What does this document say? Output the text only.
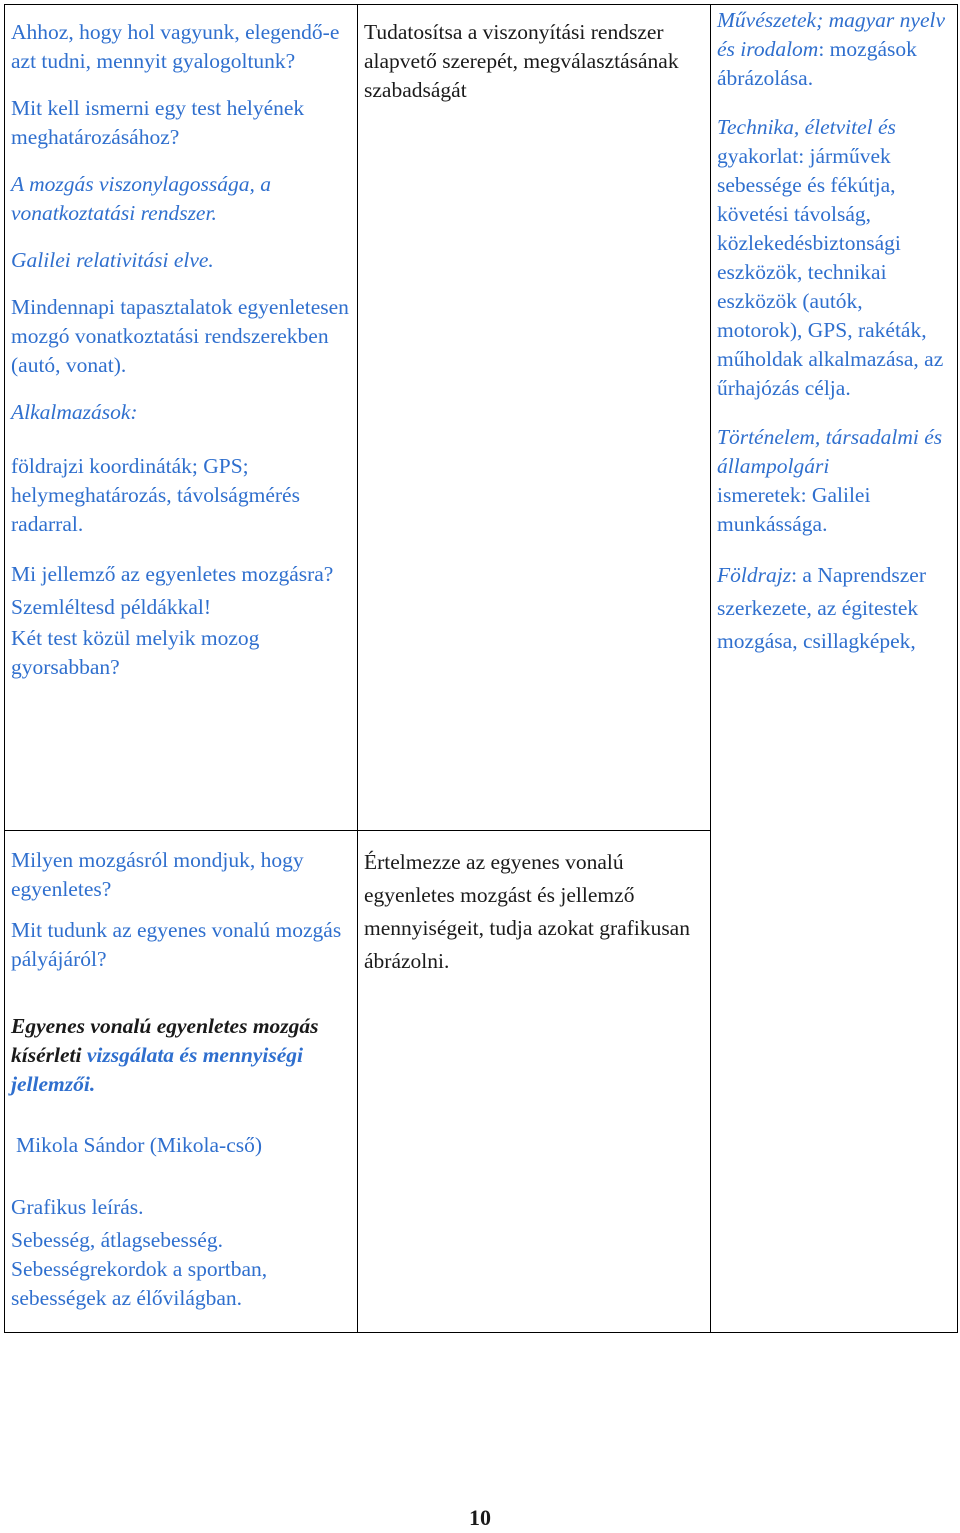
Ahhoz, hogy hol vagyunk, elegendő-e azt tudni, mennyit gyalogoltunk?

Mit kell ismerni egy test helyének meghatározásához?

A mozgás viszonylagossága, a vonatkoztatási rendszer.

Galilei relativitási elve.

Mindennapi tapasztalatok egyenletesen mozgó vonatkoztatási rendszerekben (autó, vonat).

Alkalmazások:

földrajzi koordináták; GPS; helymeghatározás, távolságmérés radarral.

Mi jellemző az egyenletes mozgásra? Szemléltesd példákkal!

Két test közül melyik mozog gyorsabban?

Milyen mozgásról mondjuk, hogy egyenletes?

Mit tudunk az egyenes vonalú mozgás pályájáról?

Egyenes vonalú egyenletes mozgás kísérleti vizsgálata és mennyiségi jellemzői.

Mikola Sándor (Mikola-cső)

Grafikus leírás.

Sebesség, átlagsebesség.

Sebességrekordok a sportban, sebességek az élővilágban.

Tudatosítsa a viszonyítási rendszer alapvető szerepét, megválasztásának szabadságát

Értelmezze az egyenes vonalú egyenletes mozgást és jellemző mennyiségeit, tudja azokat grafikusan ábrázolni.

Művészetek; magyar nyelv és irodalom: mozgások ábrázolása.

Technika, életvitel és

gyakorlat: járművek sebessége és fékútja, követési távolság, közlekedésbiztonsági eszközök, technikai eszközök (autók, motorok), GPS, rakéták, műholdak alkalmazása, az űrhajózás célja.

Történelem, társadalmi és állampolgári

ismeretek: Galilei munkássága.

Földrajz: a Naprendszer szerkezete, az égitestek mozgása, csillagképek,

10
